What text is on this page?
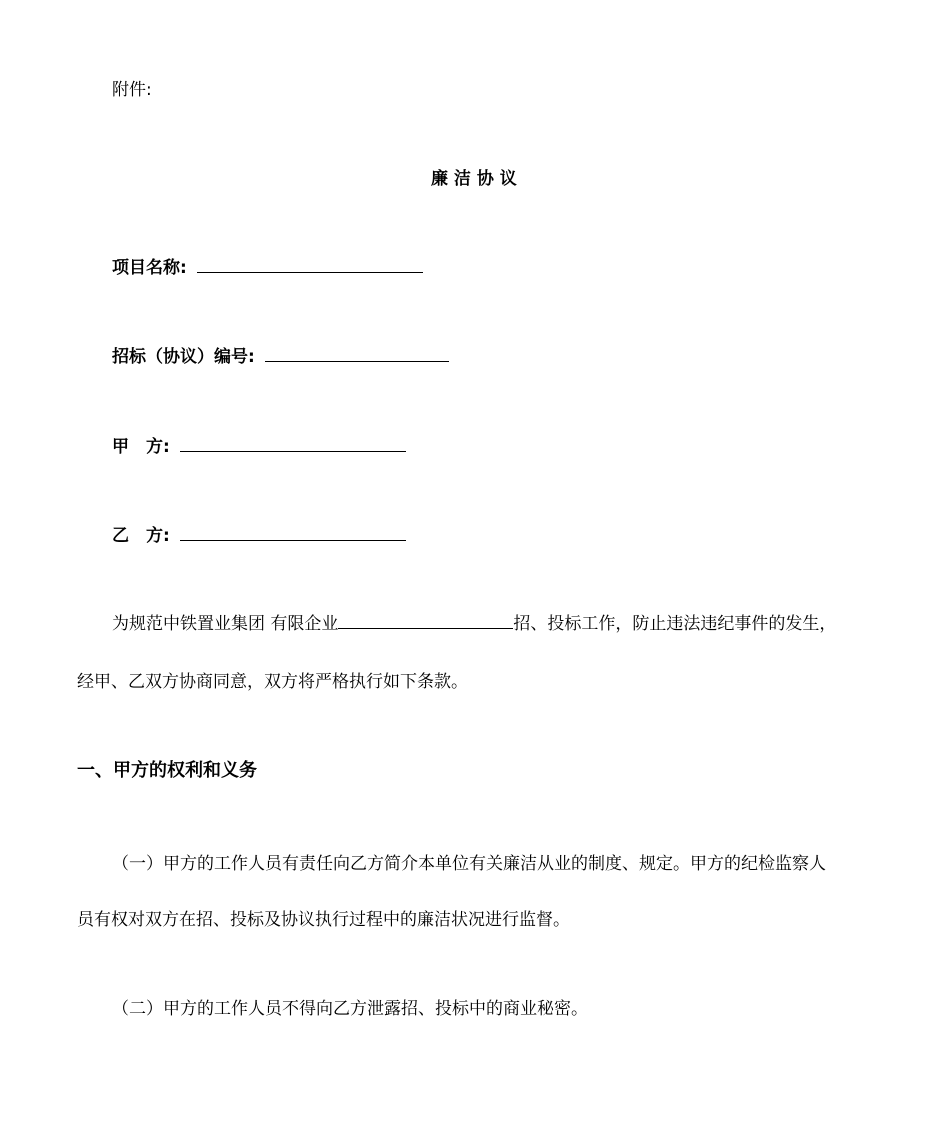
附件:
廉 洁 协 议
项目名称:
招标（协议）编号:
甲　方:
乙　方:
为规范中铁置业集团 有限企业	招、投标工作，防止违法违纪事件的发生，
经甲、乙双方协商同意，双方将严格执行如下条款。
一、甲方的权利和义务
（一）甲方的工作人员有责任向乙方简介本单位有关廉洁从业的制度、规定。甲方的纪检监察人
员有权对双方在招、投标及协议执行过程中的廉洁状况进行监督。
（二）甲方的工作人员不得向乙方泄露招、投标中的商业秘密。
